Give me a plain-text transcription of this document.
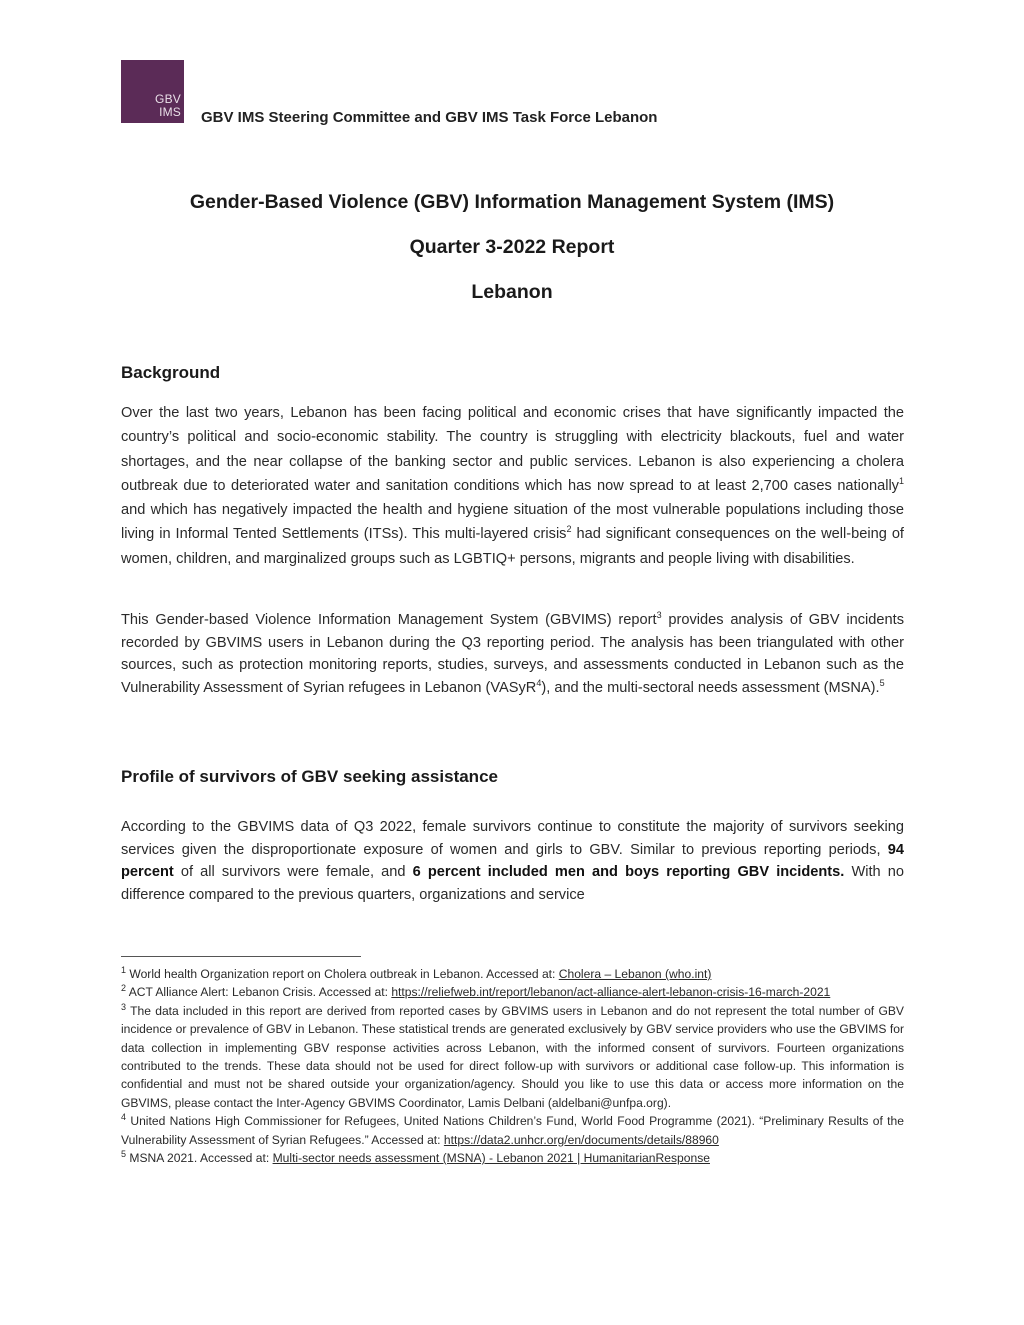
GBV
IMS GBV IMS Steering Committee and GBV IMS Task Force Lebanon
Gender-Based Violence (GBV) Information Management System (IMS)
Quarter 3-2022 Report
Lebanon
Background

Over the last two years, Lebanon has been facing political and economic crises that have significantly impacted the country’s political and socio-economic stability. The country is struggling with electricity blackouts, fuel and water shortages, and the near collapse of the banking sector and public services. Lebanon is also experiencing a cholera outbreak due to deteriorated water and sanitation conditions which has now spread to at least 2,700 cases nationally$^1$ and which has negatively impacted the health and hygiene situation of the most vulnerable populations including those living in Informal Tented Settlements (ITSs). This multi-layered crisis$^2$ had significant consequences on the well-being of women, children, and marginalized groups such as LGBTIQ+ persons, migrants and people living with disabilities.

This Gender-based Violence Information Management System (GBVIMS) report$^3$ provides analysis of GBV incidents recorded by GBVIMS users in Lebanon during the Q3 reporting period. The analysis has been triangulated with other sources, such as protection monitoring reports, studies, surveys, and assessments conducted in Lebanon such as the Vulnerability Assessment of Syrian refugees in Lebanon (VASyR$^4$), and the multi-sectoral needs assessment (MSNA).$^5$

Profile of survivors of GBV seeking assistance

According to the GBVIMS data of Q3 2022, female survivors continue to constitute the majority of survivors seeking services given the disproportionate exposure of women and girls to GBV. Similar to previous reporting periods, 94 percent of all survivors were female, and 6 percent included men and boys reporting GBV incidents. With no difference compared to the previous quarters, organizations and service

$^1$ World health Organization report on Cholera outbreak in Lebanon. Accessed at: Cholera – Lebanon (who.int)

$^2$ ACT Alliance Alert: Lebanon Crisis. Accessed at: https://reliefweb.int/report/lebanon/act-alliance-alert-lebanon-crisis-16-march-2021

$^3$ The data included in this report are derived from reported cases by GBVIMS users in Lebanon and do not represent the total number of GBV incidence or prevalence of GBV in Lebanon. These statistical trends are generated exclusively by GBV service providers who use the GBVIMS for data collection in implementing GBV response activities across Lebanon, with the informed consent of survivors. Fourteen organizations contributed to the trends. These data should not be used for direct follow-up with survivors or additional case follow-up. This information is confidential and must not be shared outside your organization/agency. Should you like to use this data or access more information on the GBVIMS, please contact the Inter-Agency GBVIMS Coordinator, Lamis Delbani (aldelbani@unfpa.org).

$^4$ United Nations High Commissioner for Refugees, United Nations Children’s Fund, World Food Programme (2021). “Preliminary Results of the Vulnerability Assessment of Syrian Refugees.” Accessed at: https://data2.unhcr.org/en/documents/details/88960

$^5$ MSNA 2021. Accessed at: Multi-sector needs assessment (MSNA) - Lebanon 2021 | HumanitarianResponse
